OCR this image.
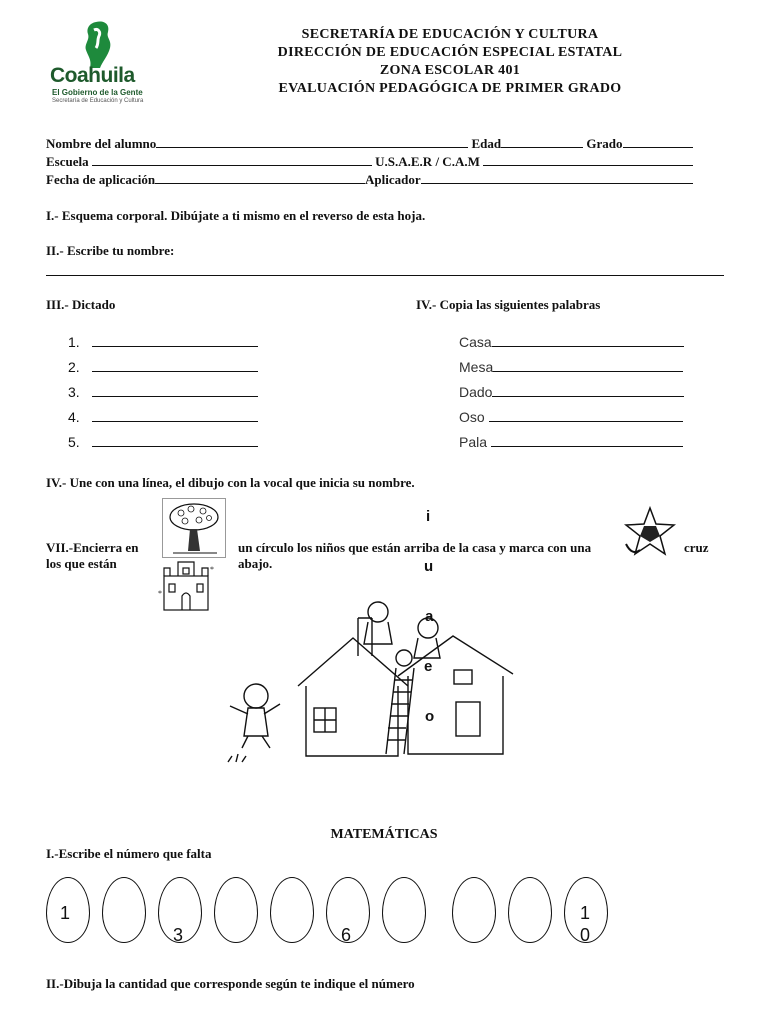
Coahuila
El Gobierno de la Gente
Secretaría de Educación y Cultura
SECRETARÍA DE EDUCACIÓN Y CULTURA
DIRECCIÓN DE EDUCACIÓN ESPECIAL ESTATAL
ZONA ESCOLAR 401
EVALUACIÓN PEDAGÓGICA DE PRIMER GRADO
Nombre del alumno	Edad	Grado
Escuela	U.S.A.E.R / C.A.M
Fecha de aplicación	Aplicador
I.- Esquema corporal. Dibújate a ti mismo en el reverso de esta hoja.
II.- Escribe tu nombre:
III.- Dictado	IV.- Copia las siguientes palabras
1.
2.
3.
4.
5.
Casa
Mesa
Dado
Oso
Pala
IV.- Une con una línea, el dibujo con la vocal que inicia su nombre.
*
*
VII.-Encierra en
los que están
un círculo los niños que están arriba de la casa y marca con una
abajo.
cruz
i
u
a
e
o
MATEMÁTICAS
I.-Escribe el número que falta
1
3	6
1
0
II.-Dibuja la cantidad que corresponde según te indique el número
